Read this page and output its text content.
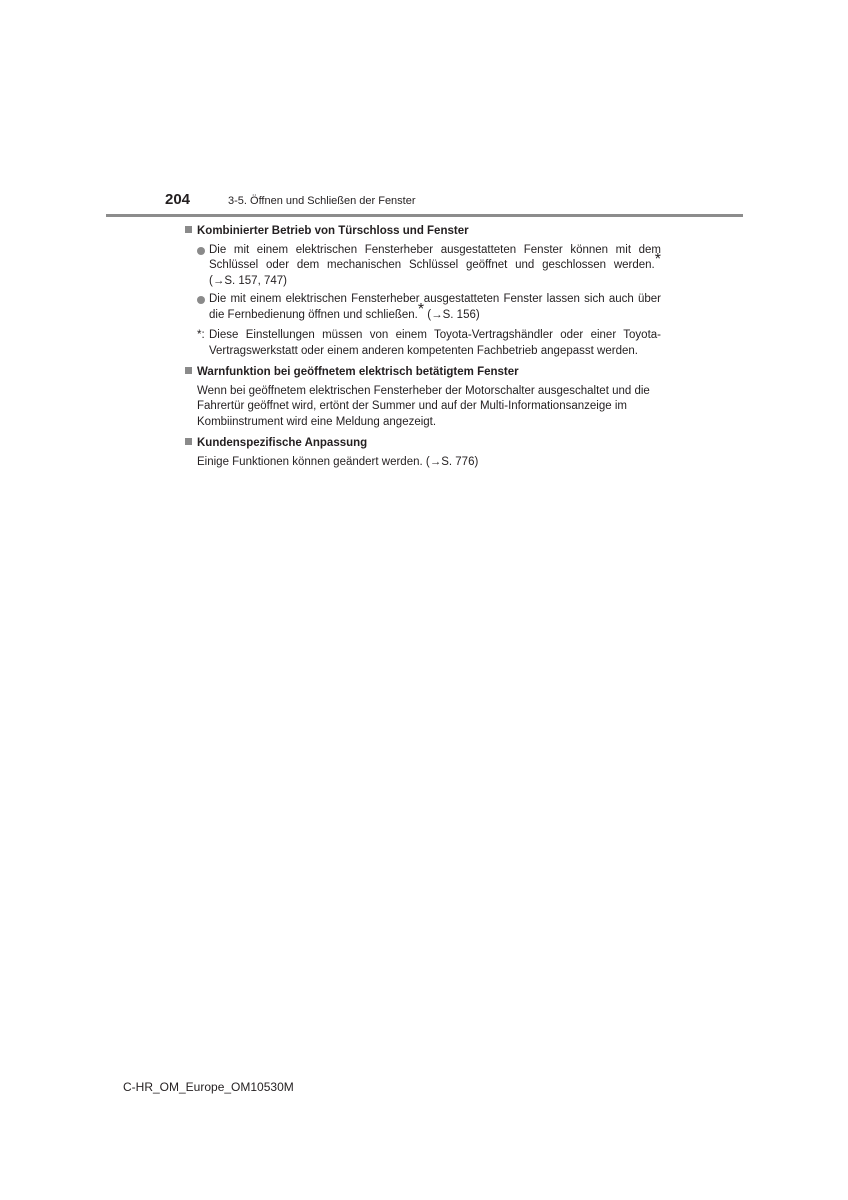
204	3-5. Öffnen und Schließen der Fenster
Kombinierter Betrieb von Türschloss und Fenster
Die mit einem elektrischen Fensterheber ausgestatteten Fenster können mit dem Schlüssel oder dem mechanischen Schlüssel geöffnet und geschlossen werden.* (→S. 157, 747)
Die mit einem elektrischen Fensterheber ausgestatteten Fenster lassen sich auch über die Fernbedienung öffnen und schließen.* (→S. 156)
*: Diese Einstellungen müssen von einem Toyota-Vertragshändler oder einer Toyota-Vertragswerkstatt oder einem anderen kompetenten Fachbetrieb angepasst werden.
Warnfunktion bei geöffnetem elektrisch betätigtem Fenster
Wenn bei geöffnetem elektrischen Fensterheber der Motorschalter ausgeschaltet und die Fahrertür geöffnet wird, ertönt der Summer und auf der Multi-Informationsanzeige im Kombiinstrument wird eine Meldung angezeigt.
Kundenspezifische Anpassung
Einige Funktionen können geändert werden. (→S. 776)
C-HR_OM_Europe_OM10530M
